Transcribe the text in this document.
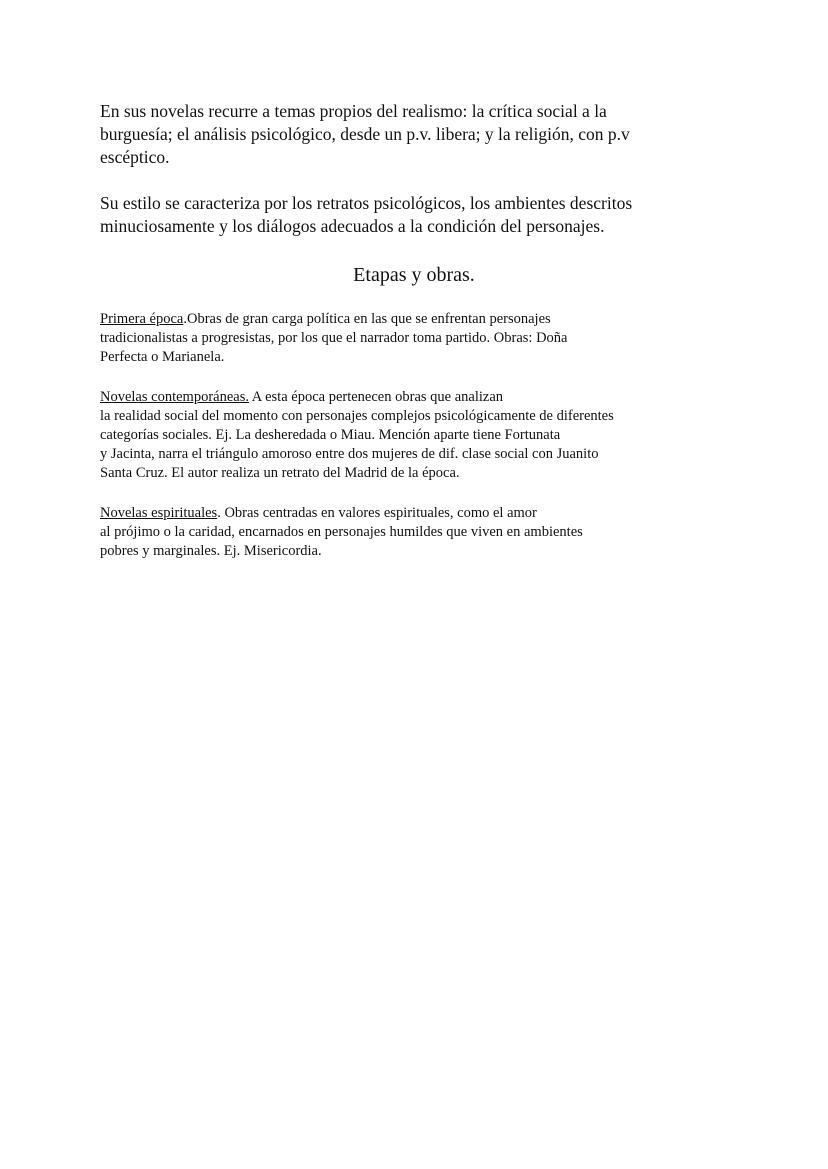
En sus novelas recurre a temas propios del realismo: la crítica social a la
burguesía; el análisis psicológico, desde un p.v. libera; y la religión, con p.v
escéptico.

Su estilo se caracteriza por los retratos psicológicos, los ambientes descritos
minuciosamente y los diálogos adecuados a la condición del personajes.

Etapas y obras.

Primera época.Obras de gran carga política en las que se enfrentan personajes
tradicionalistas a progresistas, por los que el narrador toma partido. Obras: Doña
Perfecta o Marianela.

Novelas contemporáneas. A esta época pertenecen obras que analizan
la realidad social del momento con personajes complejos psicológicamente de diferentes
categorías sociales. Ej. La desheredada o Miau. Mención aparte tiene Fortunata
y Jacinta, narra el triángulo amoroso entre dos mujeres de dif. clase social con Juanito
Santa Cruz. El autor realiza un retrato del Madrid de la época.

Novelas espirituales. Obras centradas en valores espirituales, como el amor
al prójimo o la caridad, encarnados en personajes humildes que viven en ambientes
pobres y marginales. Ej. Misericordia.
